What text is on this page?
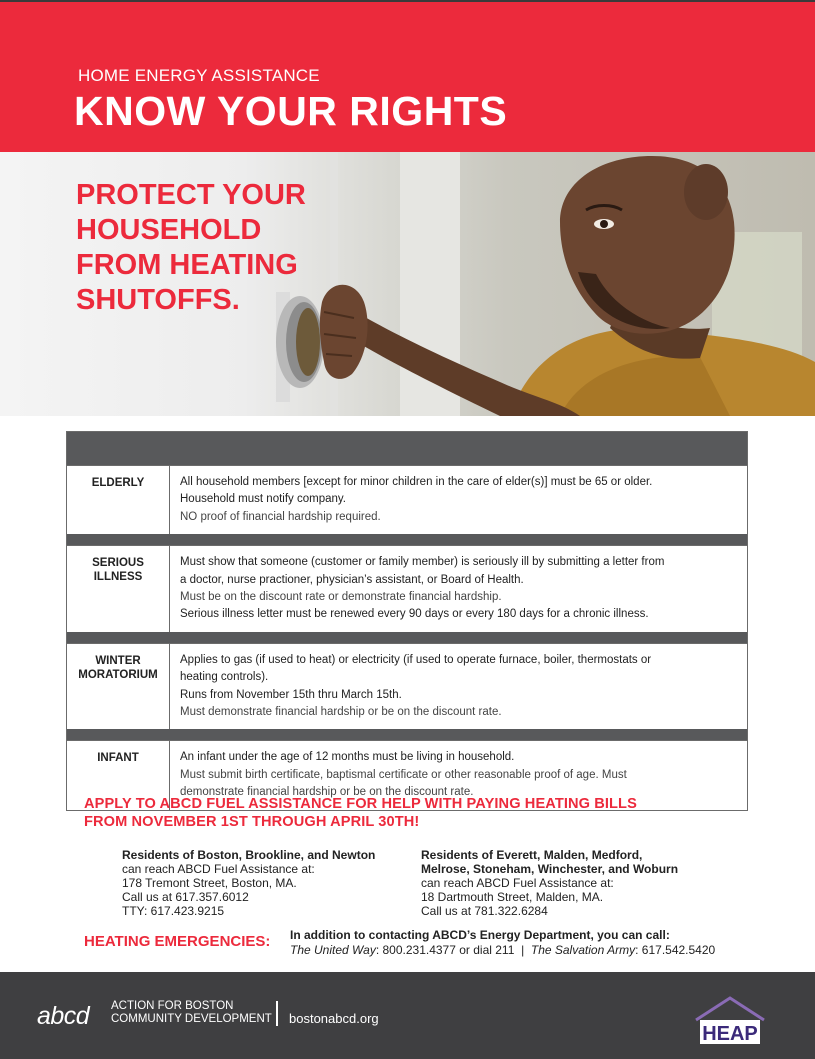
HOME ENERGY ASSISTANCE
KNOW YOUR RIGHTS
PROTECT YOUR HOUSEHOLD FROM HEATING SHUTOFFS.
ELDERLY	All household members [except for minor children in the care of elder(s)] must be 65 or older.
Household must notify company.
NO proof of financial hardship required.
SERIOUS ILLNESS
Must show that someone (customer or family member) is seriously ill by submitting a letter from
a doctor, nurse practioner, physician’s assistant, or Board of Health.
Must be on the discount rate or demonstrate financial hardship.
Serious illness letter must be renewed every 90 days or every 180 days for a chronic illness.
WINTER MORATORIUM
Applies to gas (if used to heat) or electricity (if used to operate furnace, boiler, thermostats or
heating controls).
Runs from November 15th thru March 15th.
Must demonstrate financial hardship or be on the discount rate.
INFANT	An infant under the age of 12 months must be living in household.
Must submit birth certificate, baptismal certificate or other reasonable proof of age. Must
demonstrate financial hardship or be on the discount rate.
APPLY TO ABCD FUEL ASSISTANCE FOR HELP WITH PAYING HEATING BILLS
FROM NOVEMBER 1ST THROUGH APRIL 30TH!
Residents of Boston, Brookline, and Newton
can reach ABCD Fuel Assistance at:
178 Tremont Street, Boston, MA.
Call us at 617.357.6012
TTY: 617.423.9215
Residents of Everett, Malden, Medford,
Melrose, Stoneham, Winchester, and Woburn
can reach ABCD Fuel Assistance at:
18 Dartmouth Street, Malden, MA.
Call us at 781.322.6284
HEATING EMERGENCIES: In addition to contacting ABCD’s Energy Department, you can call:
The United Way: 800.231.4377 or dial 211 | The Salvation Army: 617.542.5420
abcd ACTION FOR BOSTON
COMMUNITY DEVELOPMENT bostonabcd.org
HEAP
